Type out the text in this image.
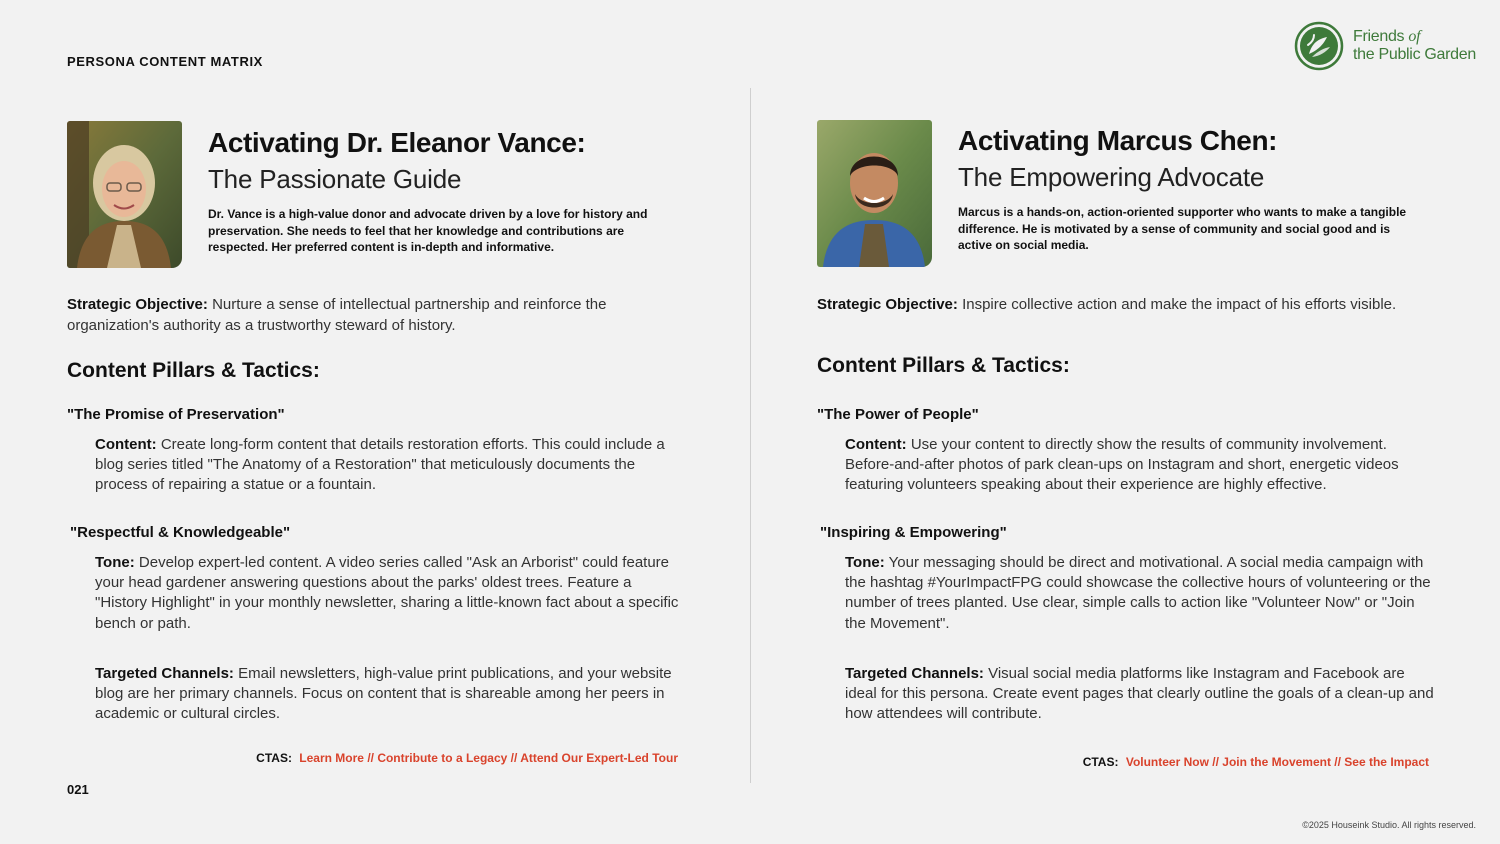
PERSONA CONTENT MATRIX
Friends of
the Public Garden
Activating Dr. Eleanor Vance:
The Passionate Guide
Dr. Vance is a high-value donor and advocate driven by a love for history and preservation. She needs to feel that her knowledge and contributions are respected. Her preferred content is in-depth and informative.
Strategic Objective: Nurture a sense of intellectual partnership and reinforce the organization's authority as a trustworthy steward of history.
Content Pillars & Tactics:
"The Promise of Preservation"
Content: Create long-form content that details restoration efforts. This could include a blog series titled "The Anatomy of a Restoration" that meticulously documents the process of repairing a statue or a fountain.
"Respectful & Knowledgeable"
Tone: Develop expert-led content. A video series called "Ask an Arborist" could feature your head gardener answering questions about the parks' oldest trees. Feature a "History Highlight" in your monthly newsletter, sharing a little-known fact about a specific bench or path.
Targeted Channels: Email newsletters, high-value print publications, and your website blog are her primary channels. Focus on content that is shareable among her peers in academic or cultural circles.
CTAS: Learn More // Contribute to a Legacy // Attend Our Expert-Led Tour
Activating Marcus Chen:
The Empowering Advocate
Marcus is a hands-on, action-oriented supporter who wants to make a tangible difference. He is motivated by a sense of community and social good and is active on social media.
Strategic Objective: Inspire collective action and make the impact of his efforts visible.
Content Pillars & Tactics:
"The Power of People"
Content: Use your content to directly show the results of community involvement. Before-and-after photos of park clean-ups on Instagram and short, energetic videos featuring volunteers speaking about their experience are highly effective.
"Inspiring & Empowering"
Tone: Your messaging should be direct and motivational. A social media campaign with the hashtag #YourImpactFPG could showcase the collective hours of volunteering or the number of trees planted. Use clear, simple calls to action like "Volunteer Now" or "Join the Movement".
Targeted Channels: Visual social media platforms like Instagram and Facebook are ideal for this persona. Create event pages that clearly outline the goals of a clean-up and how attendees will contribute.
CTAS: Volunteer Now // Join the Movement // See the Impact
021
©2025 Houseink Studio. All rights reserved.
